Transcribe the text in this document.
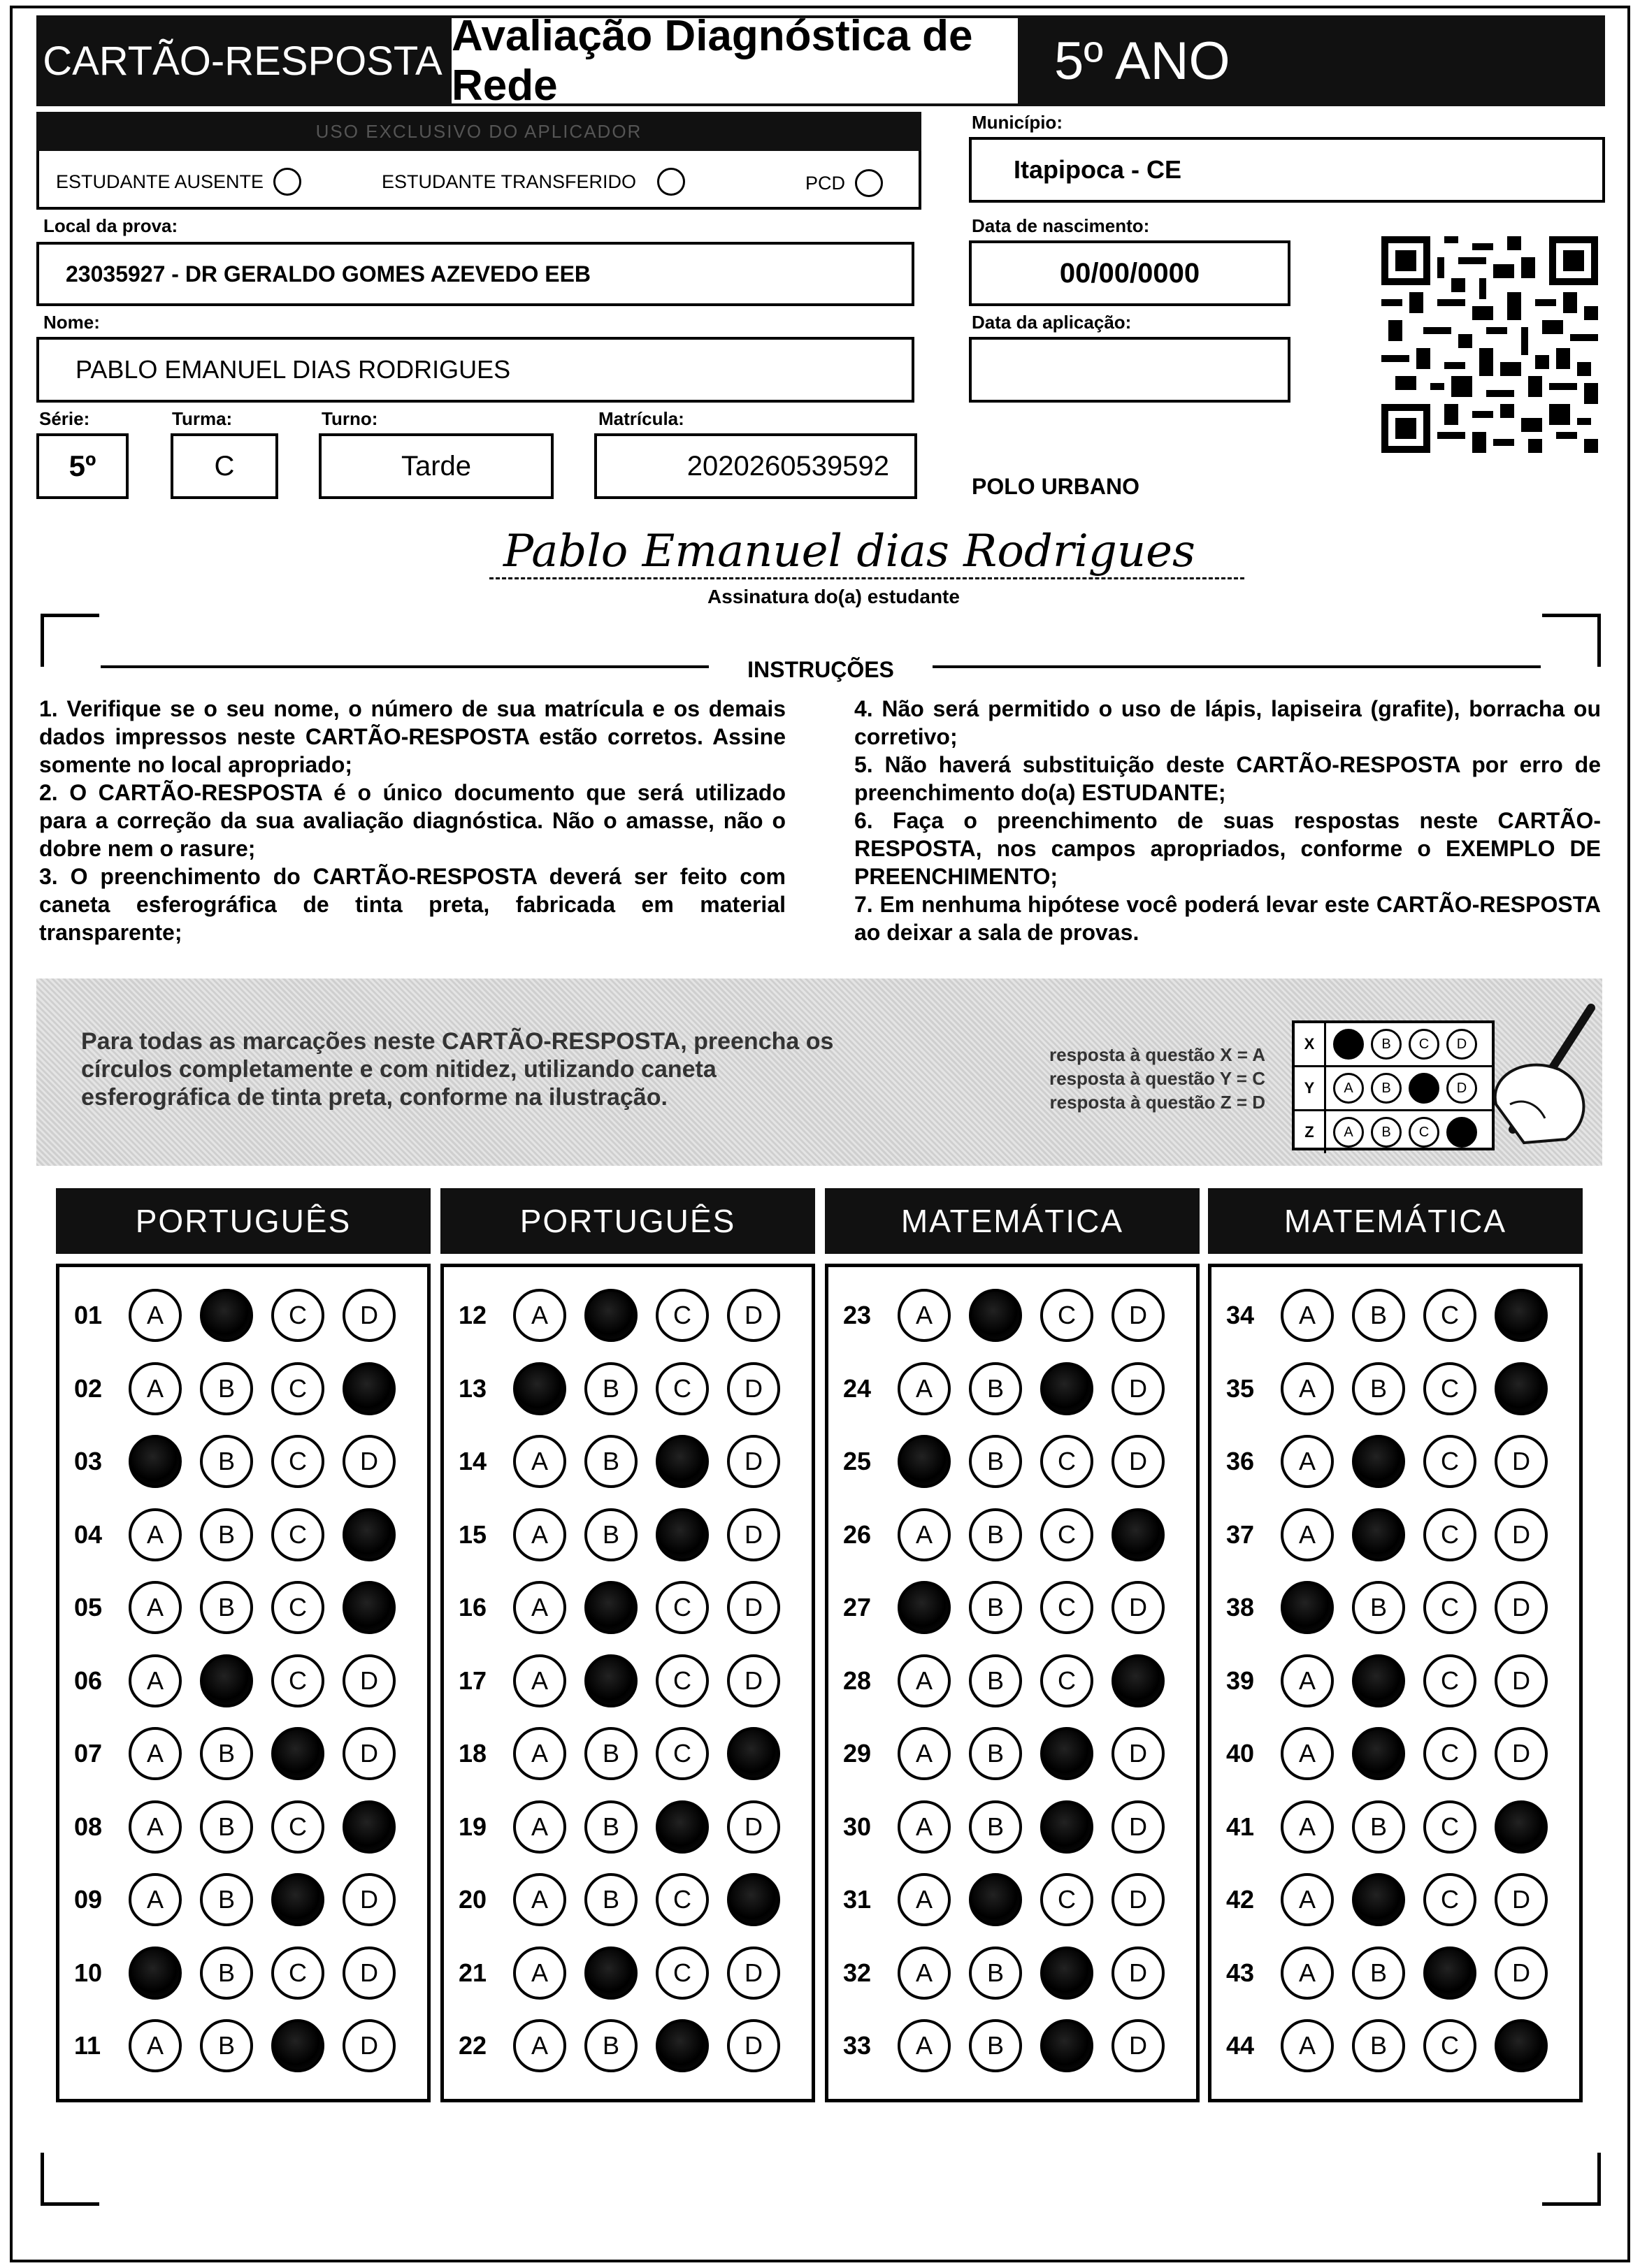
CARTÃO-RESPOSTA
Avaliação Diagnóstica de Rede	5º ANO
USO EXCLUSIVO DO APLICADOR
ESTUDANTE AUSENTE	ESTUDANTE TRANSFERIDO	PCD
Município:
Itapipoca - CE
Local da prova:
23035927 - DR GERALDO GOMES AZEVEDO EEB
Data de nascimento:
00/00/0000
Nome:
PABLO EMANUEL DIAS RODRIGUES
Data da aplicação:
Série:
5º
Turma:
C
Turno:
Tarde
Matrícula:
2020260539592
POLO URBANO
Pablo Emanuel dias Rodrigues
Assinatura do(a) estudante
INSTRUÇÕES

1. Verifique se o seu nome, o número de sua matrícula e os demais dados impressos neste CARTÃO-RESPOSTA estão corretos. Assine somente no local apropriado;

2. O CARTÃO-RESPOSTA é o único documento que será utilizado para a correção da sua avaliação diagnóstica. Não o amasse, não o dobre nem o rasure;

3. O preenchimento do CARTÃO-RESPOSTA deverá ser feito com caneta esferográfica de tinta preta, fabricada em material transparente;

4. Não será permitido o uso de lápis, lapiseira (grafite), borracha ou corretivo;

5. Não haverá substituição deste CARTÃO-RESPOSTA por erro de preenchimento do(a) ESTUDANTE;

6. Faça o preenchimento de suas respostas neste CARTÃO-RESPOSTA, nos campos apropriados, conforme o EXEMPLO DE PREENCHIMENTO;

7. Em nenhuma hipótese você poderá levar este CARTÃO-RESPOSTA ao deixar a sala de provas.

Para todas as marcações neste CARTÃO-RESPOSTA, preencha os círculos completamente e com nitidez, utilizando caneta esferográfica de tinta preta, conforme na ilustração.
resposta à questão X = A
resposta à questão Y = C
resposta à questão Z = D
X	B	C	D
Y	A	B	D
Z	A	B	C
PORTUGUÊS
01	A	C	D
02	A	B	C
03	B	C	D
04	A	B	C
05	A	B	C
06	A	C	D
07	A	B	D
08	A	B	C
09	A	B	D
10	B	C	D
11	A	B	D
PORTUGUÊS
12	A	C	D
13	B	C	D
14	A	B	D
15	A	B	D
16	A	C	D
17	A	C	D
18	A	B	C
19	A	B	D
20	A	B	C
21	A	C	D
22	A	B	D
MATEMÁTICA
23	A	C	D
24	A	B	D
25	B	C	D
26	A	B	C
27	B	C	D
28	A	B	C
29	A	B	D
30	A	B	D
31	A	C	D
32	A	B	D
33	A	B	D
MATEMÁTICA
34	A	B	C
35	A	B	C
36	A	C	D
37	A	C	D
38	B	C	D
39	A	C	D
40	A	C	D
41	A	B	C
42	A	C	D
43	A	B	D
44	A	B	C
